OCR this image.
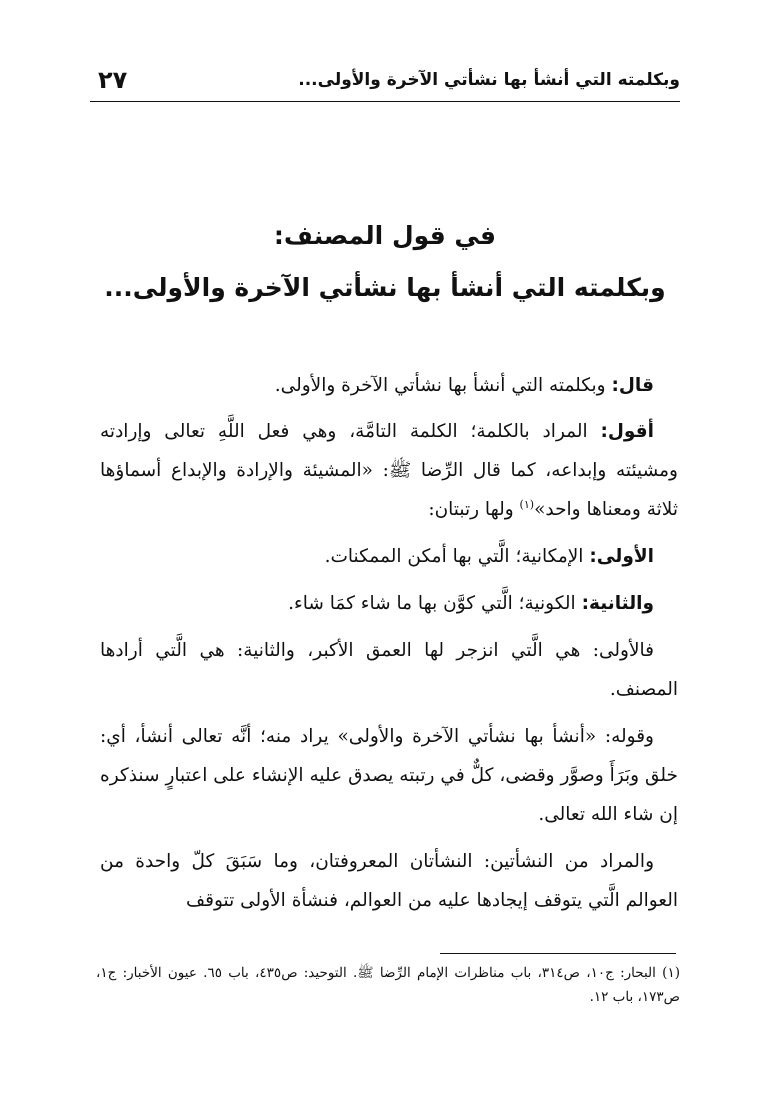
وبكلمته التي أنشأ بها نشأتي الآخرة والأولى...
٢٧
في قول المصنف:
وبكلمته التي أنشأ بها نشأتي الآخرة والأولى...

قال: وبكلمته التي أنشأ بها نشأتي الآخرة والأولى.

أقول: المراد بالكلمة؛ الكلمة التامَّة، وهي فعل اللَّهِ تعالى وإرادته ومشيئته وإبداعه، كما قال الرِّضا ﷺ: «المشيئة والإرادة والإبداع أسماؤها ثلاثة ومعناها واحد»$^{(١)}$ ولها رتبتان:

الأولى: الإمكانية؛ الَّتي بها أمكن الممكنات.

والثانية: الكونية؛ الَّتي كوَّن بها ما شاء كمَا شاء.

فالأولى: هي الَّتي انزجر لها العمق الأكبر، والثانية: هي الَّتي أرادها المصنف.

وقوله: «أنشأ بها نشأتي الآخرة والأولى» يراد منه؛ أنَّه تعالى أنشأ، أي: خلق وبَرَأَ وصوَّر وقضى، كلٌّ في رتبته يصدق عليه الإنشاء على اعتبارٍ سنذكره إن شاء الله تعالى.

والمراد من النشأتين: النشأتان المعروفتان، وما سَبَقَ كلّ واحدة من العوالم الَّتي يتوقف إيجادها عليه من العوالم، فنشأة الأولى تتوقف

(١) البحار: ج١٠، ص٣١٤، باب مناظرات الإمام الرِّضا ﷺ. التوحيد: ص٤٣٥، باب ٦٥. عيون الأخبار: ج١، ص١٧٣، باب ١٢.
